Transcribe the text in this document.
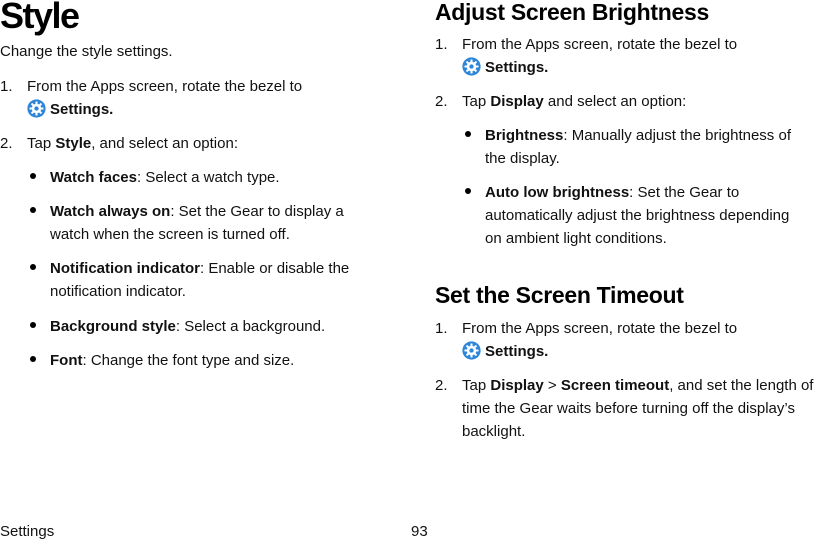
Style

Change the style settings.

1. From the Apps screen, rotate the bezel to
Settings.
2. Tap Style, and select an option:
Watch faces: Select a watch type.
Watch always on: Set the Gear to display a
watch when the screen is turned off.
Notification indicator: Enable or disable the
notification indicator.
Background style: Select a background.
Font: Change the font type and size.
Adjust Screen Brightness
1. From the Apps screen, rotate the bezel to
Settings.
2. Tap Display and select an option:
Brightness: Manually adjust the brightness of
the display.
Auto low brightness: Set the Gear to
automatically adjust the brightness depending
on ambient light conditions.
Set the Screen Timeout
1. From the Apps screen, rotate the bezel to
Settings.
2. Tap Display > Screen timeout, and set the length of
time the Gear waits before turning off the display’s
backlight.
Settings	93
